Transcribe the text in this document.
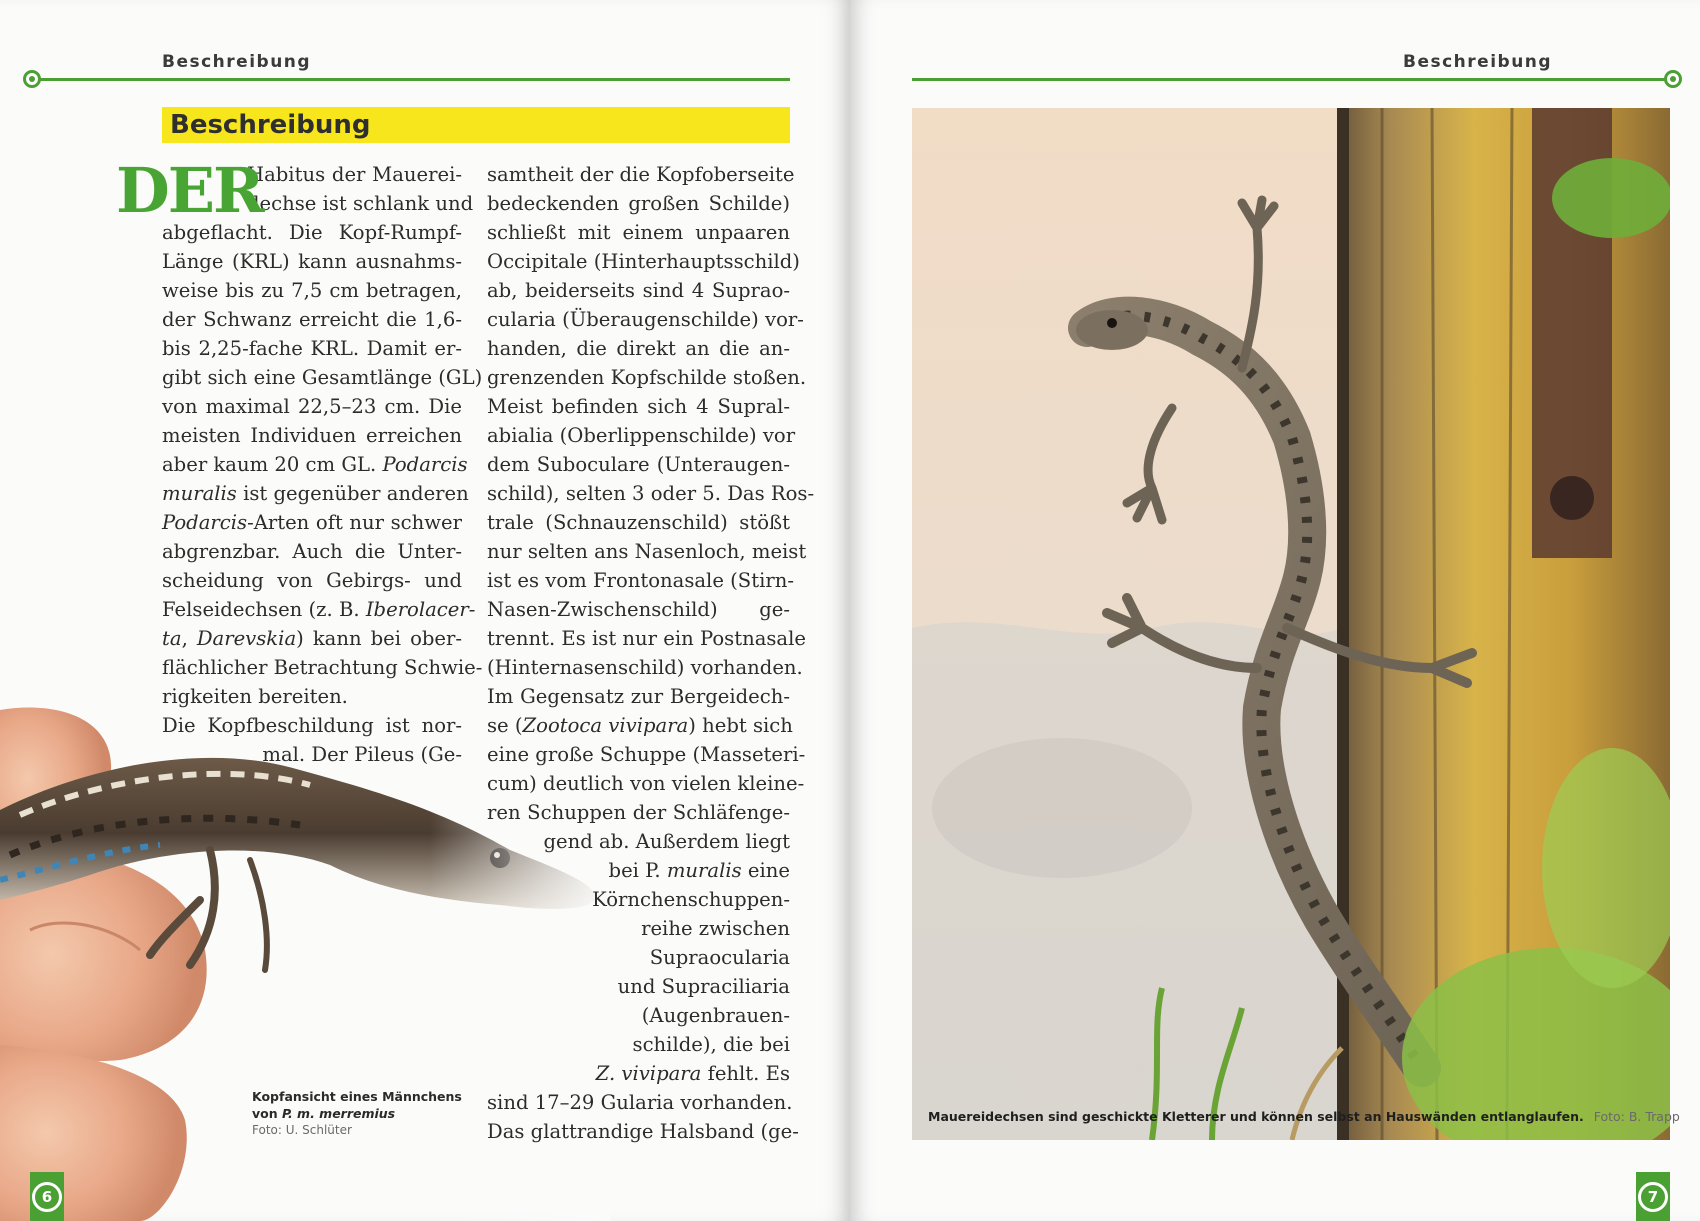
Beschreibung
Beschreibung
DER
Habitus der Mauerei-
dechse ist schlank und
abgeflacht. Die Kopf-Rumpf-
Länge (KRL) kann ausnahms-
weise bis zu 7,5 cm betragen,
der Schwanz erreicht die 1,6-
bis 2,25-fache KRL. Damit er-
gibt sich eine Gesamtlänge (GL)
von maximal 22,5–23 cm. Die
meisten Individuen erreichen
aber kaum 20 cm GL. Podarcis
muralis ist gegenüber anderen
Podarcis-Arten oft nur schwer
abgrenzbar. Auch die Unter-
scheidung von Gebirgs- und
Felseidechsen (z. B. Iberolacer-
ta, Darevskia) kann bei ober-
flächlicher Betrachtung Schwie-
rigkeiten bereiten.
Die Kopfbeschildung ist nor-
mal. Der Pileus (Ge-
samtheit der die Kopfoberseite
bedeckenden großen Schilde)
schließt mit einem unpaaren
Occipitale (Hinterhauptsschild)
ab, beiderseits sind 4 Suprao-
cularia (Überaugenschilde) vor-
handen, die direkt an die an-
grenzenden Kopfschilde stoßen.
Meist befinden sich 4 Supral-
abialia (Oberlippenschilde) vor
dem Suboculare (Unteraugen-
schild), selten 3 oder 5. Das Ros-
trale (Schnauzenschild) stößt
nur selten ans Nasenloch, meist
ist es vom Frontonasale (Stirn-
Nasen-Zwischenschild) ge-
trennt. Es ist nur ein Postnasale
(Hinternasenschild) vorhanden.
Im Gegensatz zur Bergeidech-
se (Zootoca vivipara) hebt sich
eine große Schuppe (Masseteri-
cum) deutlich von vielen kleine-
ren Schuppen der Schläfenge-
gend ab. Außerdem liegt
bei P. muralis eine
Körnchenschuppen-
reihe zwischen
Supraocularia
und Supraciliaria
(Augenbrauen-
schilde), die bei
Z. vivipara fehlt. Es
sind 17–29 Gularia vorhanden.
Das glattrandige Halsband (ge-
Kopfansicht eines Männchens
von P. m. merremius
Foto: U. Schlüter
6
Beschreibung
Mauereidechsen sind geschickte Kletterer und können selbst an Hauswänden entlanglaufen. Foto: B. Trapp
7
